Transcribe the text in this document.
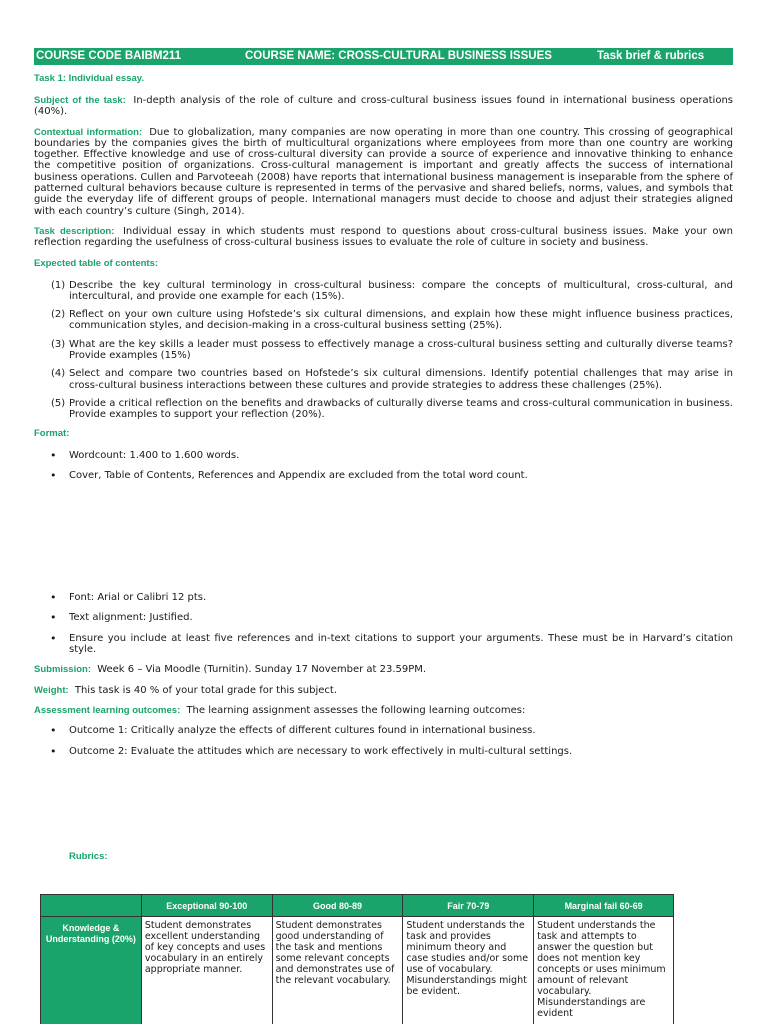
COURSE CODE BAIBM211	COURSE NAME: CROSS-CULTURAL BUSINESS ISSUES	Task brief & rubrics
Task 1: Individual essay.

Subject of the task: In-depth analysis of the role of culture and cross-cultural business issues found in international business operations (40%).

Contextual information: Due to globalization, many companies are now operating in more than one country. This crossing of geographical boundaries by the companies gives the birth of multicultural organizations where employees from more than one country are working together. Effective knowledge and use of cross-cultural diversity can provide a source of experience and innovative thinking to enhance the competitive position of organizations. Cross-cultural management is important and greatly affects the success of international business operations. Cullen and Parvoteeah (2008) have reports that international business management is inseparable from the sphere of patterned cultural behaviors because culture is represented in terms of the pervasive and shared beliefs, norms, values, and symbols that guide the everyday life of different groups of people. International managers must decide to choose and adjust their strategies aligned with each country’s culture (Singh, 2014).

Task description: Individual essay in which students must respond to questions about cross-cultural business issues. Make your own reflection regarding the usefulness of cross-cultural business issues to evaluate the role of culture in society and business.

Expected table of contents:
(1) Describe the key cultural terminology in cross-cultural business: compare the concepts of multicultural, cross-cultural, and intercultural, and provide one example for each (15%).
(2) Reflect on your own culture using Hofstede’s six cultural dimensions, and explain how these might influence business practices, communication styles, and decision-making in a cross-cultural business setting (25%).
(3) What are the key skills a leader must possess to effectively manage a cross-cultural business setting and culturally diverse teams? Provide examples (15%)
(4) Select and compare two countries based on Hofstede’s six cultural dimensions. Identify potential challenges that may arise in cross-cultural business interactions between these cultures and provide strategies to address these challenges (25%).
(5) Provide a critical reflection on the benefits and drawbacks of culturally diverse teams and cross-cultural communication in business. Provide examples to support your reflection (20%).
Format:
•	Wordcount: 1.400 to 1.600 words.
•	Cover, Table of Contents, References and Appendix are excluded from the total word count.
•	Font: Arial or Calibri 12 pts.
•	Text alignment: Justified.
•	Ensure you include at least five references and in-text citations to support your arguments. These must be in Harvard’s citation style.

Submission: Week 6 – Via Moodle (Turnitin). Sunday 17 November at 23.59PM.

Weight: This task is 40 % of your total grade for this subject.

Assessment learning outcomes: The learning assignment assesses the following learning outcomes:

•	Outcome 1: Critically analyze the effects of different cultures found in international business.
•	Outcome 2: Evaluate the attitudes which are necessary to work effectively in multi-cultural settings.
Rubrics:
	Exceptional 90-100	Good 80-89	Fair 70-79	Marginal fail 60-69
Knowledge & Understanding (20%)	Student demonstrates excellent understanding of key concepts and uses vocabulary in an entirely appropriate manner.	Student demonstrates good understanding of the task and mentions some relevant concepts and demonstrates use of the relevant vocabulary.	Student understands the task and provides minimum theory and case studies and/or some use of vocabulary. Misunderstandings might be evident.	Student understands the task and attempts to answer the question but does not mention key concepts or uses minimum amount of relevant vocabulary. Misunderstandings are evident
